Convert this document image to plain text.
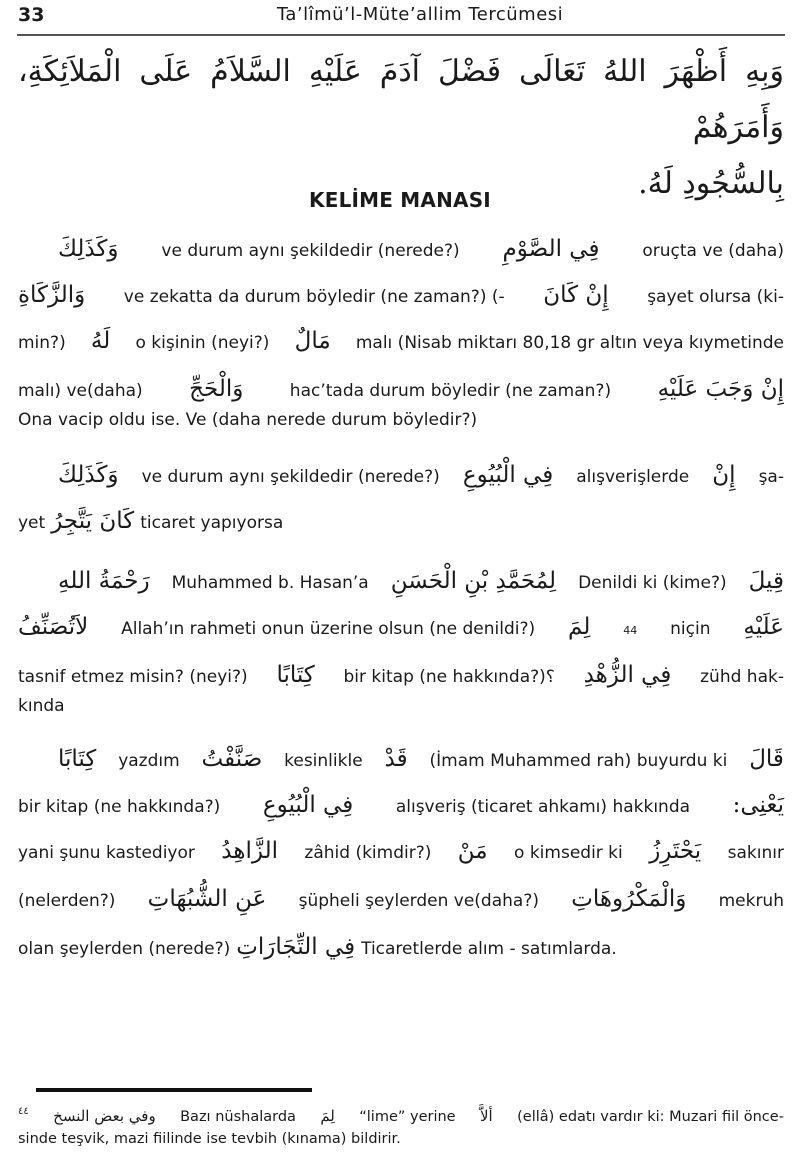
33	Ta’lîmü’l-Müte’allim Tercümesi
وَبِهِ أَظْهَرَ اللهُ تَعَالَى فَضْلَ آدَمَ عَلَيْهِ السَّلاَمُ عَلَى الْمَلاَئِكَةِ، وَأَمَرَهُمْ
بِالسُّجُودِ لَهُ.
KELİME MANASI
وَكَذَلِكَ	ve durum aynı şekildedir (nerede?) فِي الصَّوْمِ	oruçta ve (daha)
وَالزَّكَاةِ ve zekatta da durum böyledir (ne zaman?) (- إِنْ كَانَ şayet olursa (ki-
min?) لَهُ o kişinin (neyi?) مَالٌ malı (Nisab miktarı 80,18 gr altın veya kıymetinde
malı) ve(daha) وَالْحَجِّ	hac’tada durum böyledir (ne zaman?) إِنْ وَجَبَ عَلَيْهِ
Ona vacip oldu ise. Ve (daha nerede durum böyledir?)
وَكَذَلِكَ ve durum aynı şekildedir (nerede?) فِي الْبُيُوعِ alışverişlerde إِنْ şa-
yet كَانَ يَتَّجِرُ ticaret yapıyorsa
رَحْمَةُ اللهِ Muhammed b. Hasan’a لِمُحَمَّدِ بْنِ الْحَسَنِ Denildi ki (kime?) قِيلَ
لاَتُصَنِّفُ Allah’ın rahmeti onun üzerine olsun (ne denildi?) لِمَ	$_{44}$ niçin عَلَيْهِ
tasnif etmez misin? (neyi?) كِتَابًا bir kitap (ne hakkında?)؟ فِي الزُّهْدِ zühd hak-
kında
كِتَابًا yazdım صَنَّفْتُ kesinlikle قَدْ (İmam Muhammed rah) buyurdu ki قَالَ
bir kitap (ne hakkında?) فِي الْبُيُوعِ	alışveriş (ticaret ahkamı) hakkında يَعْنِى:
yani şunu kastediyor الزَّاهِدُ zâhid (kimdir?) مَنْ o kimsedir ki يَحْتَرِزُ sakınır
(nelerden?) عَنِ الشُّبُهَاتِ şüpheli şeylerden ve(daha?) وَالْمَكْرُوهَاتِ mekruh
olan şeylerden (nerede?) فِي التِّجَارَاتِ Ticaretlerde alım - satımlarda.
٤٤ وفي بعض النسخ Bazı nüshalarda لِمَ “lime” yerine ألاَّ (ellâ) edatı vardır ki: Muzari fiil önce-
sinde teşvik, mazi fiilinde ise tevbih (kınama) bildirir.
